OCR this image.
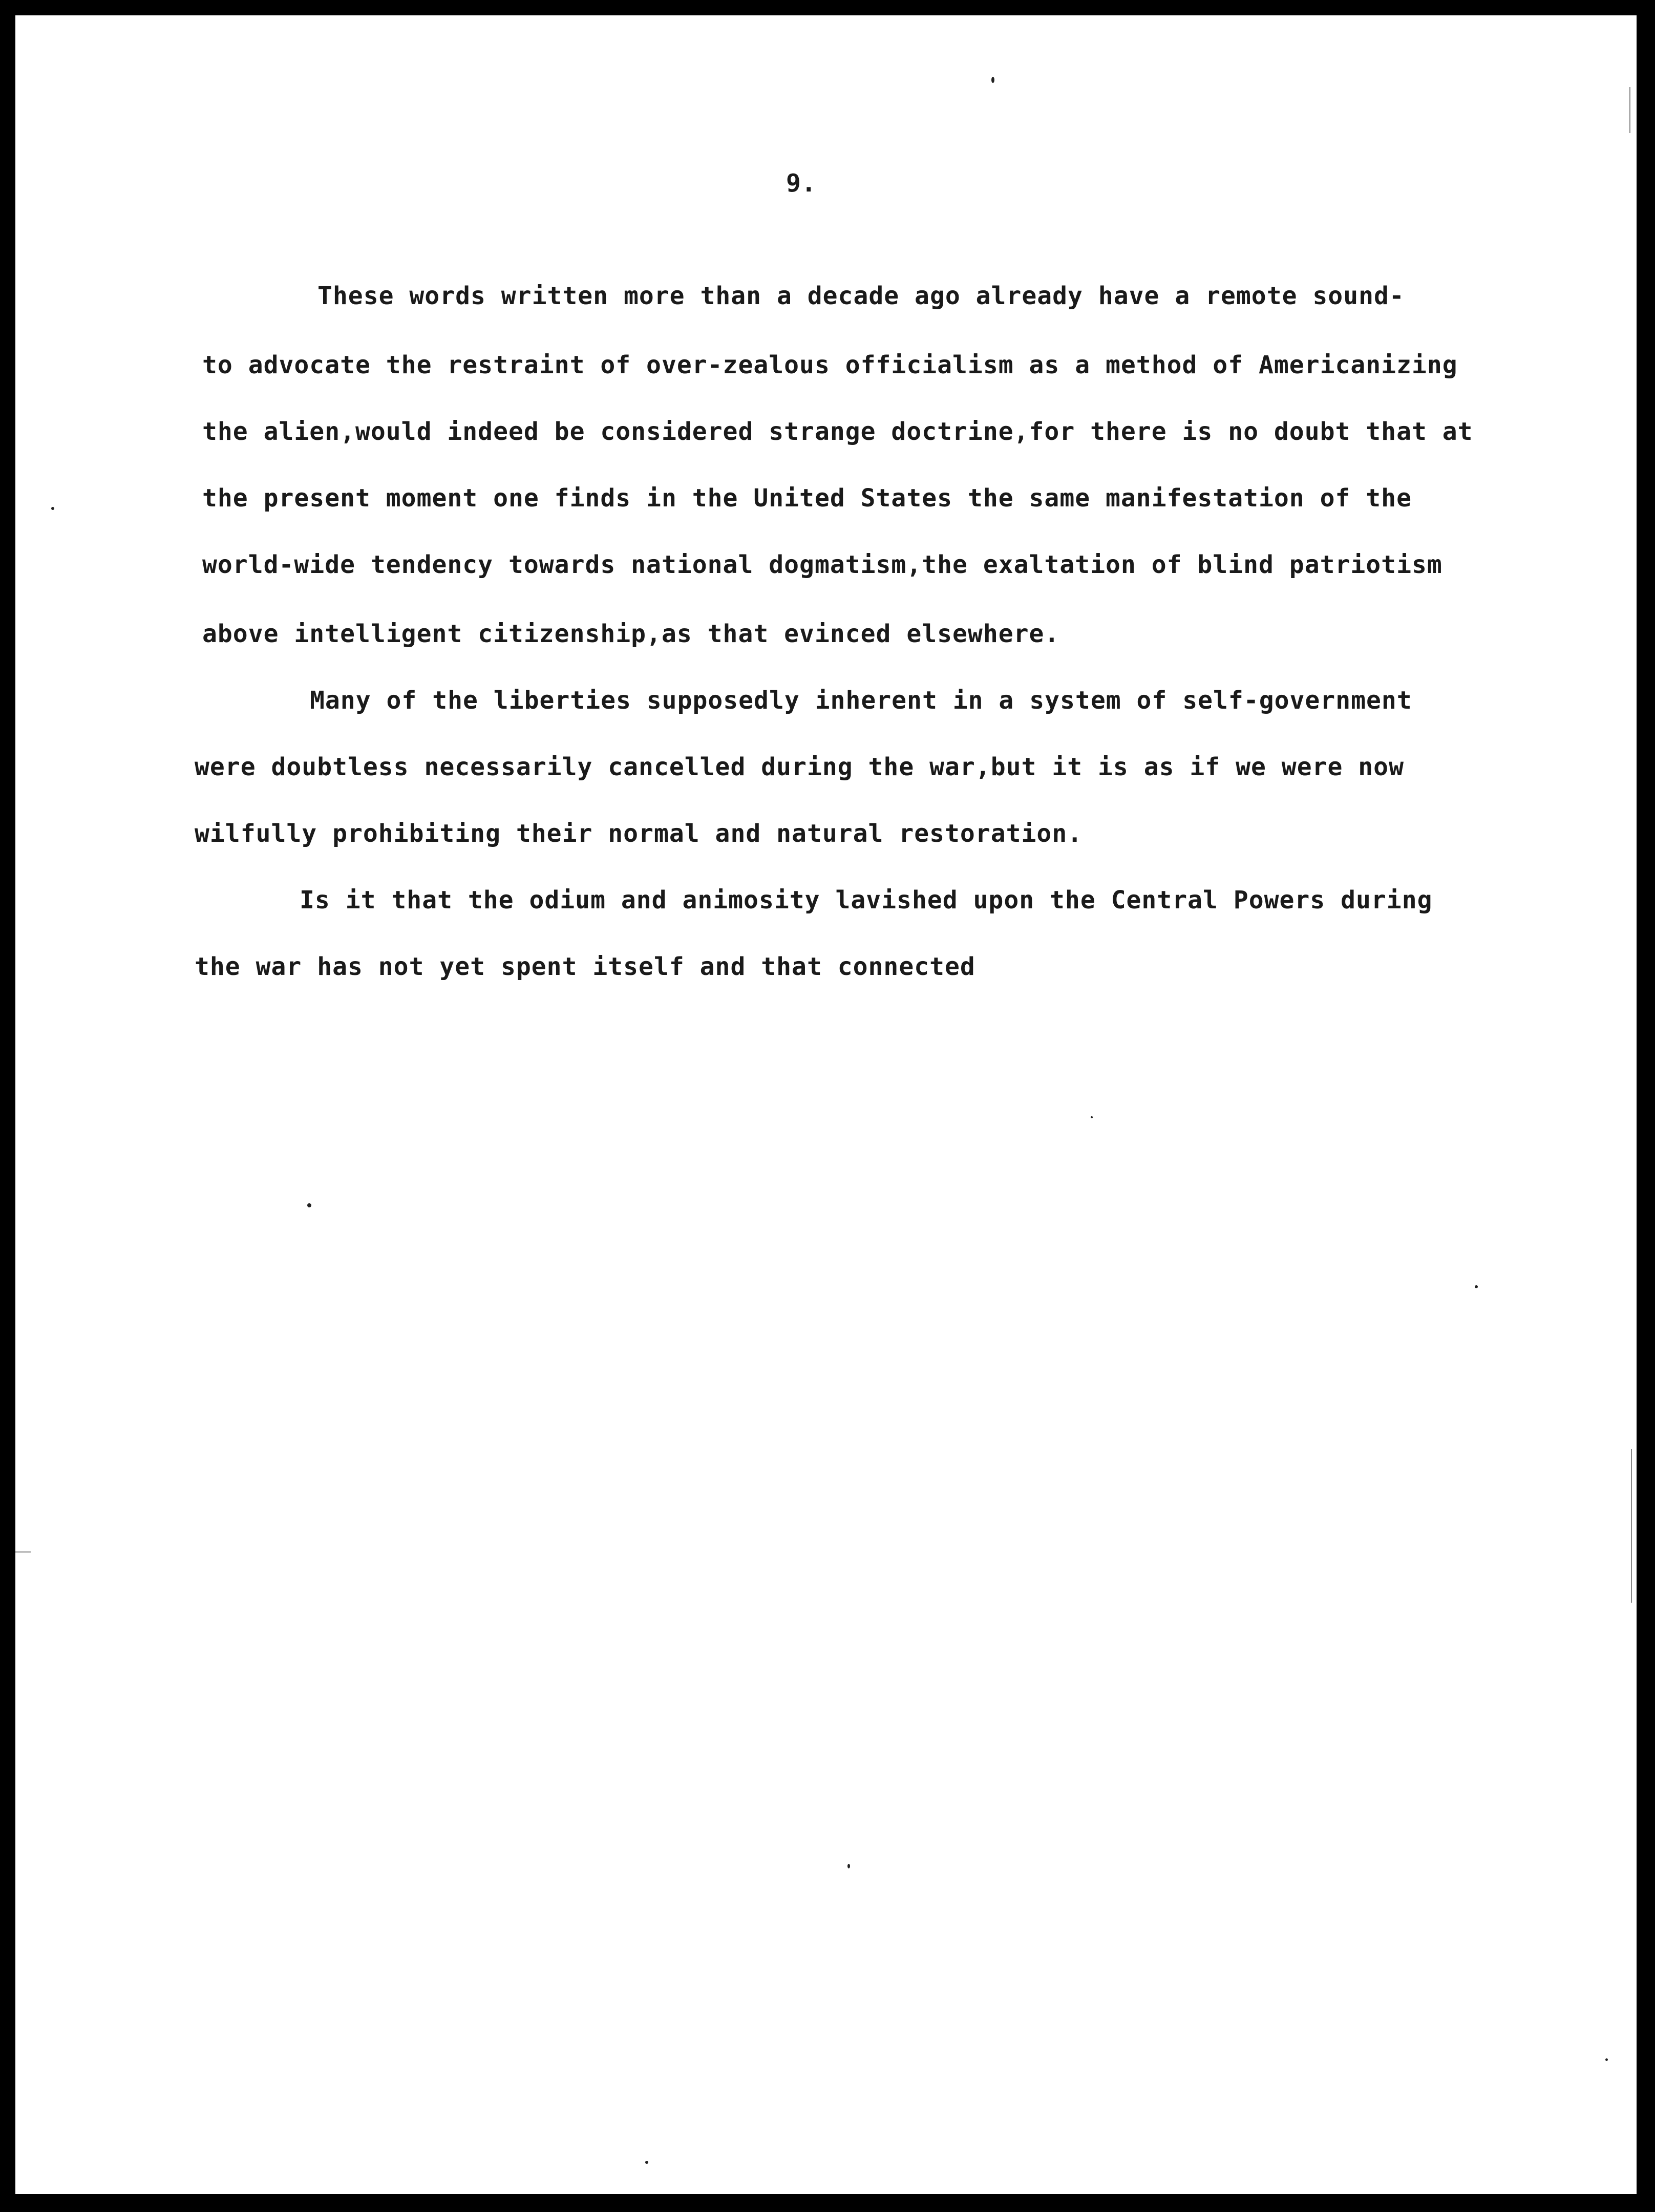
9.
These words written more than a decade ago already have a remote sound-
to advocate the restraint of over-zealous officialism as a method of Americanizing
the alien,would indeed be considered strange doctrine,for there is no doubt that at
the present moment one finds in the United States the same manifestation of the
world-wide tendency towards national dogmatism,the exaltation of blind patriotism
above intelligent citizenship,as that evinced elsewhere.
Many of the liberties supposedly inherent in a system of self-government
were doubtless necessarily cancelled during the war,but it is as if we were now
wilfully prohibiting their normal and natural restoration.
Is it that the odium and animosity lavished upon the Central Powers during
the war has not yet spent itself and that connected
